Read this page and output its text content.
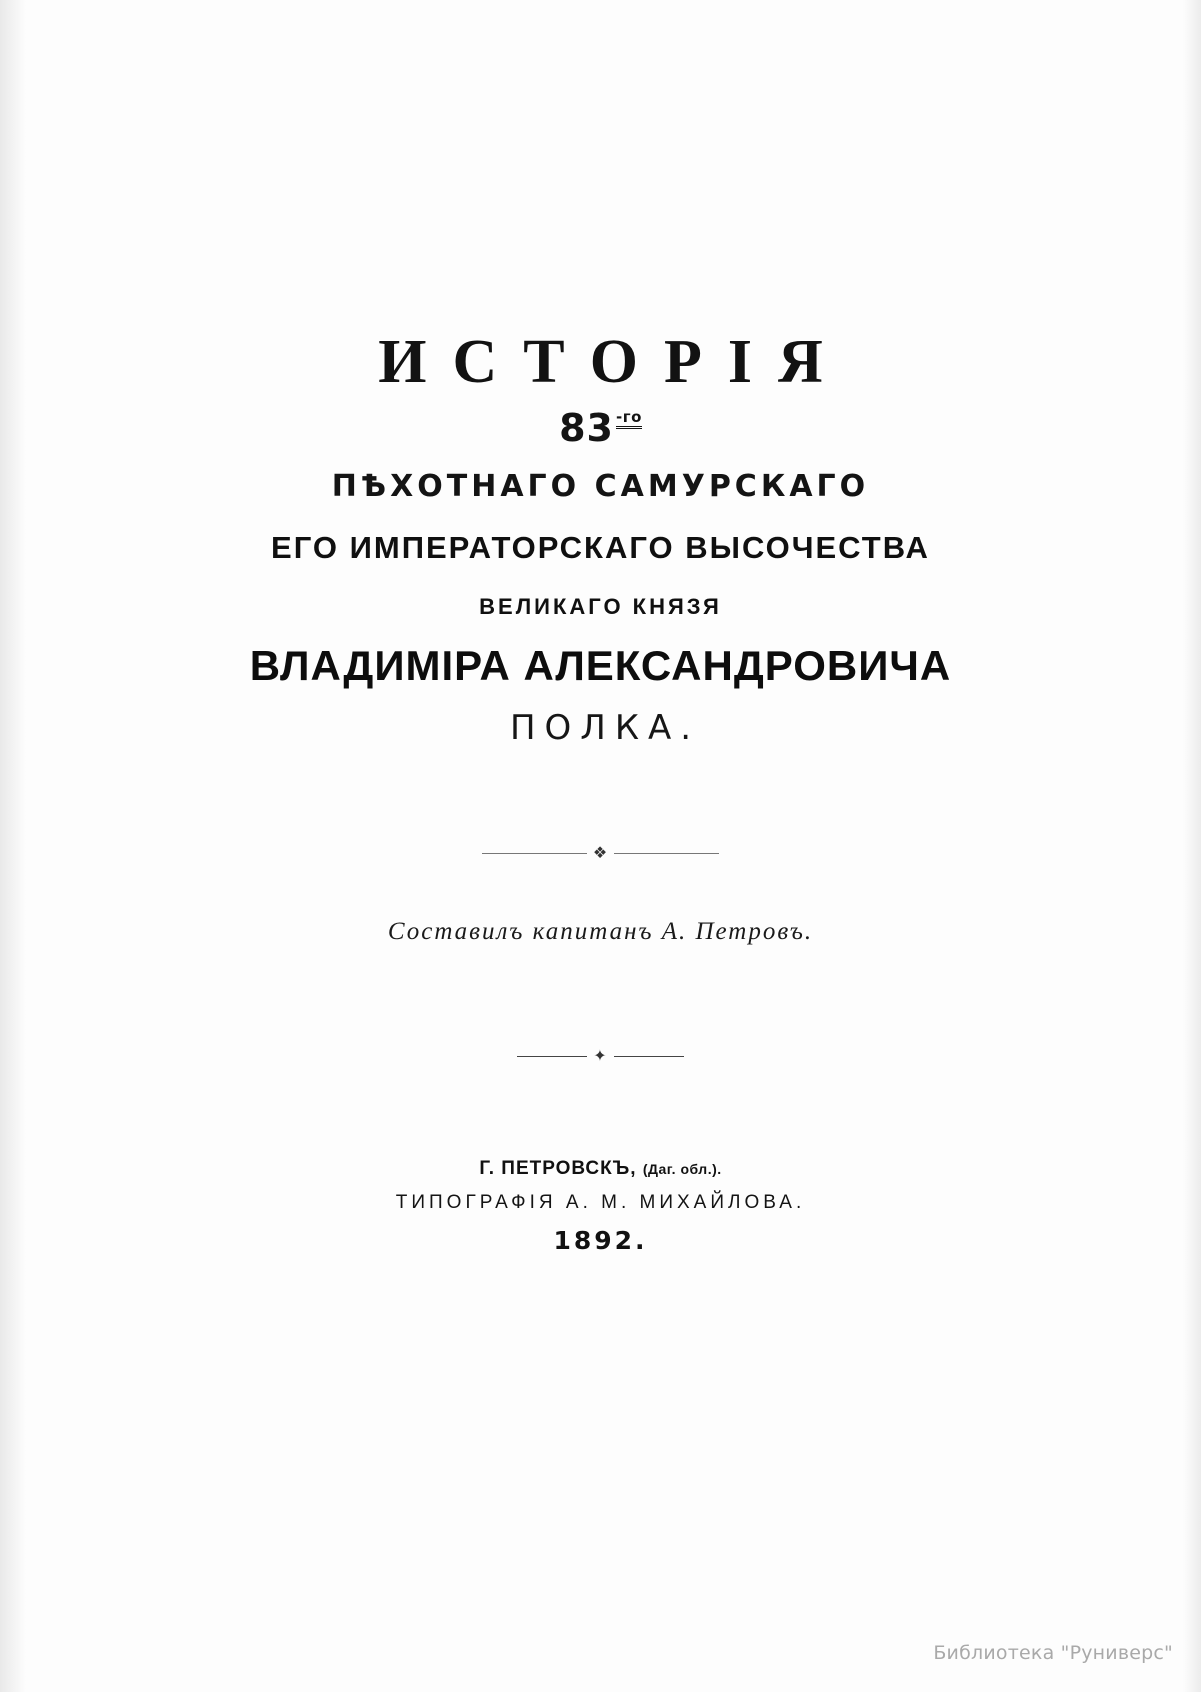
ИСТОРІЯ
83 -го
ПѢХОТНАГО САМУРСКАГО
ЕГО ИМПЕРАТОРСКАГО ВЫСОЧЕСТВА
ВЕЛИКАГО КНЯЗЯ
ВЛАДИМІРА АЛЕКСАНДРОВИЧА
ПОЛКА.
❖
Составилъ капитанъ А. Петровъ.
✦
Г. ПЕТРОВСКЪ, (Даг. обл.).
ТИПОГРАФІЯ А. М. МИХАЙЛОВА.
1892.
Библиотека "Руниверс"
